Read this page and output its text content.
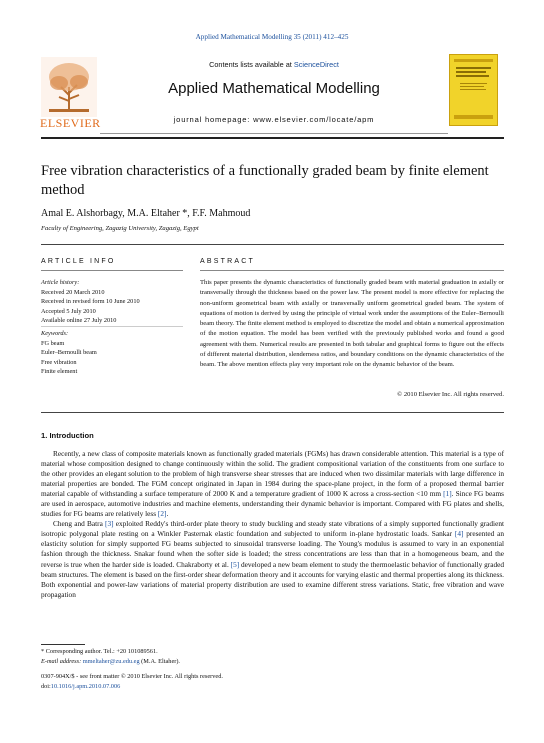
Applied Mathematical Modelling 35 (2011) 412–425
ELSEVIER
Contents lists available at ScienceDirect
Applied Mathematical Modelling
journal homepage: www.elsevier.com/locate/apm
Free vibration characteristics of a functionally graded beam by finite element method
Amal E. Alshorbagy, M.A. Eltaher *, F.F. Mahmoud
Faculty of Engineering, Zagazig University, Zagazig, Egypt
ARTICLE INFO	ABSTRACT
Article history:
Received 20 March 2010
Received in revised form 10 June 2010
Accepted 5 July 2010
Available online 27 July 2010
Keywords:
FG beam
Euler–Bernoulli beam
Free vibration
Finite element
This paper presents the dynamic characteristics of functionally graded beam with material graduation in axially or transversally through the thickness based on the power law. The present model is more effective for replacing the non-uniform geometrical beam with axially or transversally uniform geometrical graded beam. The system of equations of motion is derived by using the principle of virtual work under the assumptions of the Euler–Bernoulli beam theory. The finite element method is employed to discretize the model and obtain a numerical approximation of the motion equation. The model has been verified with the previously published works and found a good agreement with them. Numerical results are presented in both tabular and graphical forms to figure out the effects of different material distribution, slenderness ratios, and boundary conditions on the dynamic characteristics of the beam. The above mention effects play very important role on the dynamic behavior of the beam.
© 2010 Elsevier Inc. All rights reserved.
1. Introduction

Recently, a new class of composite materials known as functionally graded materials (FGMs) has drawn considerable attention. This material is a type of material whose composition designed to change continuously within the solid. The gradient compositional variation of the constituents from one surface to the other provides an elegant solution to the problem of high transverse shear stresses that are induced when two dissimilar materials with large difference in material properties are bonded. The FGM concept originated in Japan in 1984 during the space-plane project, in the form of a proposed thermal barrier material capable of withstanding a surface temperature of 2000 K and a temperature gradient of 1000 K across a cross-section <10 mm [1]. Since FG beams are used in aerospace, automotive industries and machine elements, understanding their dynamic behavior is important. Compared with FG plates and shells, studies for FG beams are relatively less [2].

Cheng and Batra [3] exploited Reddy's third-order plate theory to study buckling and steady state vibrations of a simply supported functionally gradient isotropic polygonal plate resting on a Winkler Pasternak elastic foundation and subjected to uniform in-plane hydrostatic loads. Sankar [4] presented an elasticity solution for simply supported FG beams subjected to sinusoidal transverse loading. The Young's modulus is assumed to vary in an exponential fashion through the thickness. Snakar found when the softer side is loaded; the stress concentrations are less than that in a homogeneous beam, and the reverse is true when the harder side is loaded. Chakraborty et al. [5] developed a new beam element to study the thermoelastic behavior of functionally graded beam structures. The element is based on the first-order shear deformation theory and it accounts for varying elastic and thermal properties along its thickness. Both exponential and power-law variations of material property distribution are used to examine different stress variations. Static, free vibration and wave propagation

* Corresponding author. Tel.: +20 101089561.
E-mail address: mmeltaher@zu.edu.eg (M.A. Eltaher).
0307-904X/$ - see front matter © 2010 Elsevier Inc. All rights reserved.
doi:10.1016/j.apm.2010.07.006
